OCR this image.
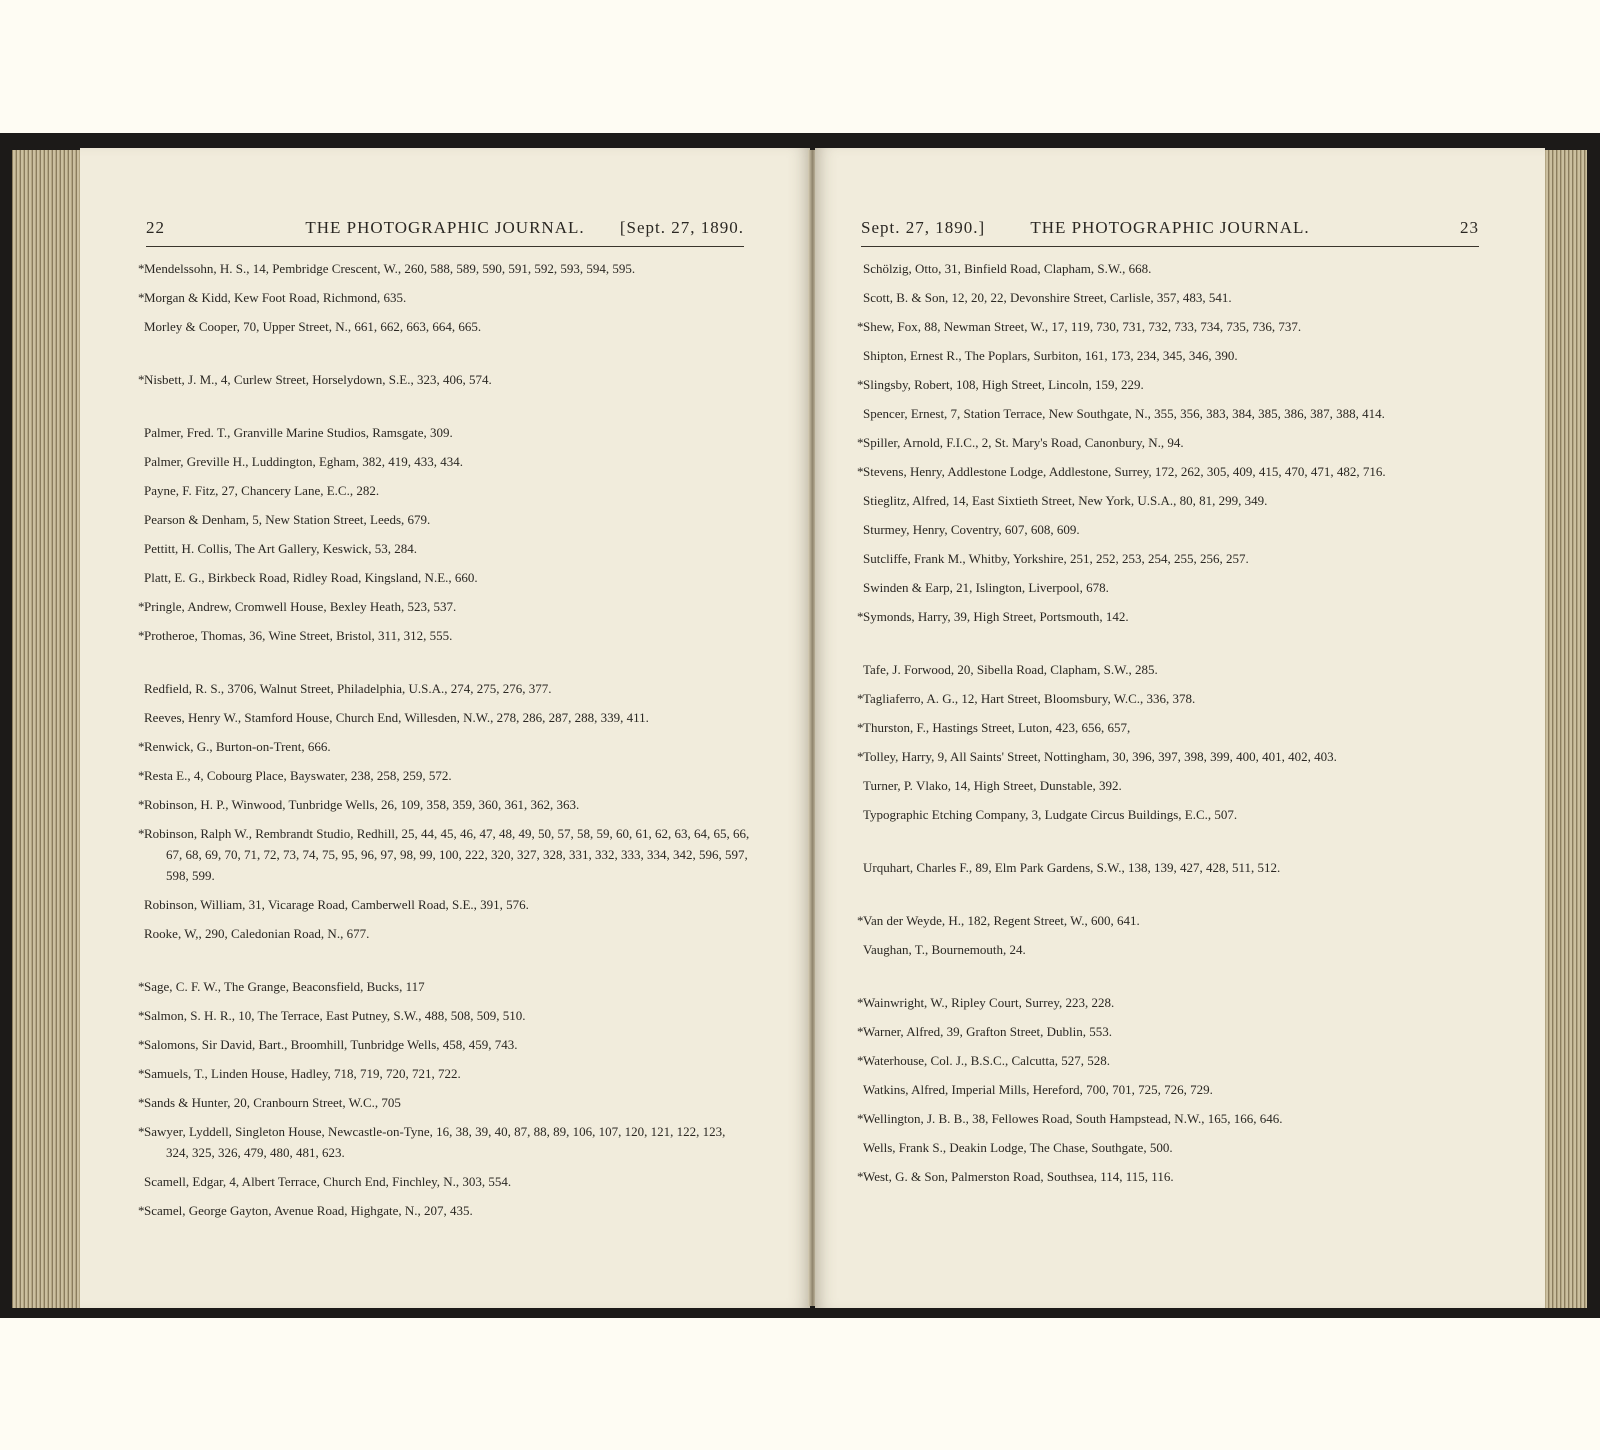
22	THE PHOTOGRAPHIC JOURNAL.	[Sept. 27, 1890.
*Mendelssohn, H. S., 14, Pembridge Crescent, W., 260, 588, 589, 590, 591, 592, 593, 594, 595.
*Morgan & Kidd, Kew Foot Road, Richmond, 635.
Morley & Cooper, 70, Upper Street, N., 661, 662, 663, 664, 665.
*Nisbett, J. M., 4, Curlew Street, Horselydown, S.E., 323, 406, 574.
Palmer, Fred. T., Granville Marine Studios, Ramsgate, 309.
Palmer, Greville H., Luddington, Egham, 382, 419, 433, 434.
Payne, F. Fitz, 27, Chancery Lane, E.C., 282.
Pearson & Denham, 5, New Station Street, Leeds, 679.
Pettitt, H. Collis, The Art Gallery, Keswick, 53, 284.
Platt, E. G., Birkbeck Road, Ridley Road, Kingsland, N.E., 660.
*Pringle, Andrew, Cromwell House, Bexley Heath, 523, 537.
*Protheroe, Thomas, 36, Wine Street, Bristol, 311, 312, 555.
Redfield, R. S., 3706, Walnut Street, Philadelphia, U.S.A., 274, 275, 276, 377.
Reeves, Henry W., Stamford House, Church End, Willesden, N.W., 278, 286, 287, 288, 339, 411.
*Renwick, G., Burton-on-Trent, 666.
*Resta E., 4, Cobourg Place, Bayswater, 238, 258, 259, 572.
*Robinson, H. P., Winwood, Tunbridge Wells, 26, 109, 358, 359, 360, 361, 362, 363.
*Robinson, Ralph W., Rembrandt Studio, Redhill, 25, 44, 45, 46, 47, 48, 49, 50, 57, 58, 59, 60, 61, 62, 63, 64, 65, 66, 67, 68, 69, 70, 71, 72, 73, 74, 75, 95, 96, 97, 98, 99, 100, 222, 320, 327, 328, 331, 332, 333, 334, 342, 596, 597, 598, 599.
Robinson, William, 31, Vicarage Road, Camberwell Road, S.E., 391, 576.
Rooke, W,, 290, Caledonian Road, N., 677.
*Sage, C. F. W., The Grange, Beaconsfield, Bucks, 117
*Salmon, S. H. R., 10, The Terrace, East Putney, S.W., 488, 508, 509, 510.
*Salomons, Sir David, Bart., Broomhill, Tunbridge Wells, 458, 459, 743.
*Samuels, T., Linden House, Hadley, 718, 719, 720, 721, 722.
*Sands & Hunter, 20, Cranbourn Street, W.C., 705
*Sawyer, Lyddell, Singleton House, Newcastle-on-Tyne, 16, 38, 39, 40, 87, 88, 89, 106, 107, 120, 121, 122, 123, 324, 325, 326, 479, 480, 481, 623.
Scamell, Edgar, 4, Albert Terrace, Church End, Finchley, N., 303, 554.
*Scamel, George Gayton, Avenue Road, Highgate, N., 207, 435.
Sept. 27, 1890.]	THE PHOTOGRAPHIC JOURNAL.	23
Schölzig, Otto, 31, Binfield Road, Clapham, S.W., 668.
Scott, B. & Son, 12, 20, 22, Devonshire Street, Carlisle, 357, 483, 541.
*Shew, Fox, 88, Newman Street, W., 17, 119, 730, 731, 732, 733, 734, 735, 736, 737.
Shipton, Ernest R., The Poplars, Surbiton, 161, 173, 234, 345, 346, 390.
*Slingsby, Robert, 108, High Street, Lincoln, 159, 229.
Spencer, Ernest, 7, Station Terrace, New Southgate, N., 355, 356, 383, 384, 385, 386, 387, 388, 414.
*Spiller, Arnold, F.I.C., 2, St. Mary's Road, Canonbury, N., 94.
*Stevens, Henry, Addlestone Lodge, Addlestone, Surrey, 172, 262, 305, 409, 415, 470, 471, 482, 716.
Stieglitz, Alfred, 14, East Sixtieth Street, New York, U.S.A., 80, 81, 299, 349.
Sturmey, Henry, Coventry, 607, 608, 609.
Sutcliffe, Frank M., Whitby, Yorkshire, 251, 252, 253, 254, 255, 256, 257.
Swinden & Earp, 21, Islington, Liverpool, 678.
*Symonds, Harry, 39, High Street, Portsmouth, 142.
Tafe, J. Forwood, 20, Sibella Road, Clapham, S.W., 285.
*Tagliaferro, A. G., 12, Hart Street, Bloomsbury, W.C., 336, 378.
*Thurston, F., Hastings Street, Luton, 423, 656, 657,
*Tolley, Harry, 9, All Saints' Street, Nottingham, 30, 396, 397, 398, 399, 400, 401, 402, 403.
Turner, P. Vlako, 14, High Street, Dunstable, 392.
Typographic Etching Company, 3, Ludgate Circus Buildings, E.C., 507.
Urquhart, Charles F., 89, Elm Park Gardens, S.W., 138, 139, 427, 428, 511, 512.
*Van der Weyde, H., 182, Regent Street, W., 600, 641.
Vaughan, T., Bournemouth, 24.
*Wainwright, W., Ripley Court, Surrey, 223, 228.
*Warner, Alfred, 39, Grafton Street, Dublin, 553.
*Waterhouse, Col. J., B.S.C., Calcutta, 527, 528.
Watkins, Alfred, Imperial Mills, Hereford, 700, 701, 725, 726, 729.
*Wellington, J. B. B., 38, Fellowes Road, South Hampstead, N.W., 165, 166, 646.
Wells, Frank S., Deakin Lodge, The Chase, Southgate, 500.
*West, G. & Son, Palmerston Road, Southsea, 114, 115, 116.
